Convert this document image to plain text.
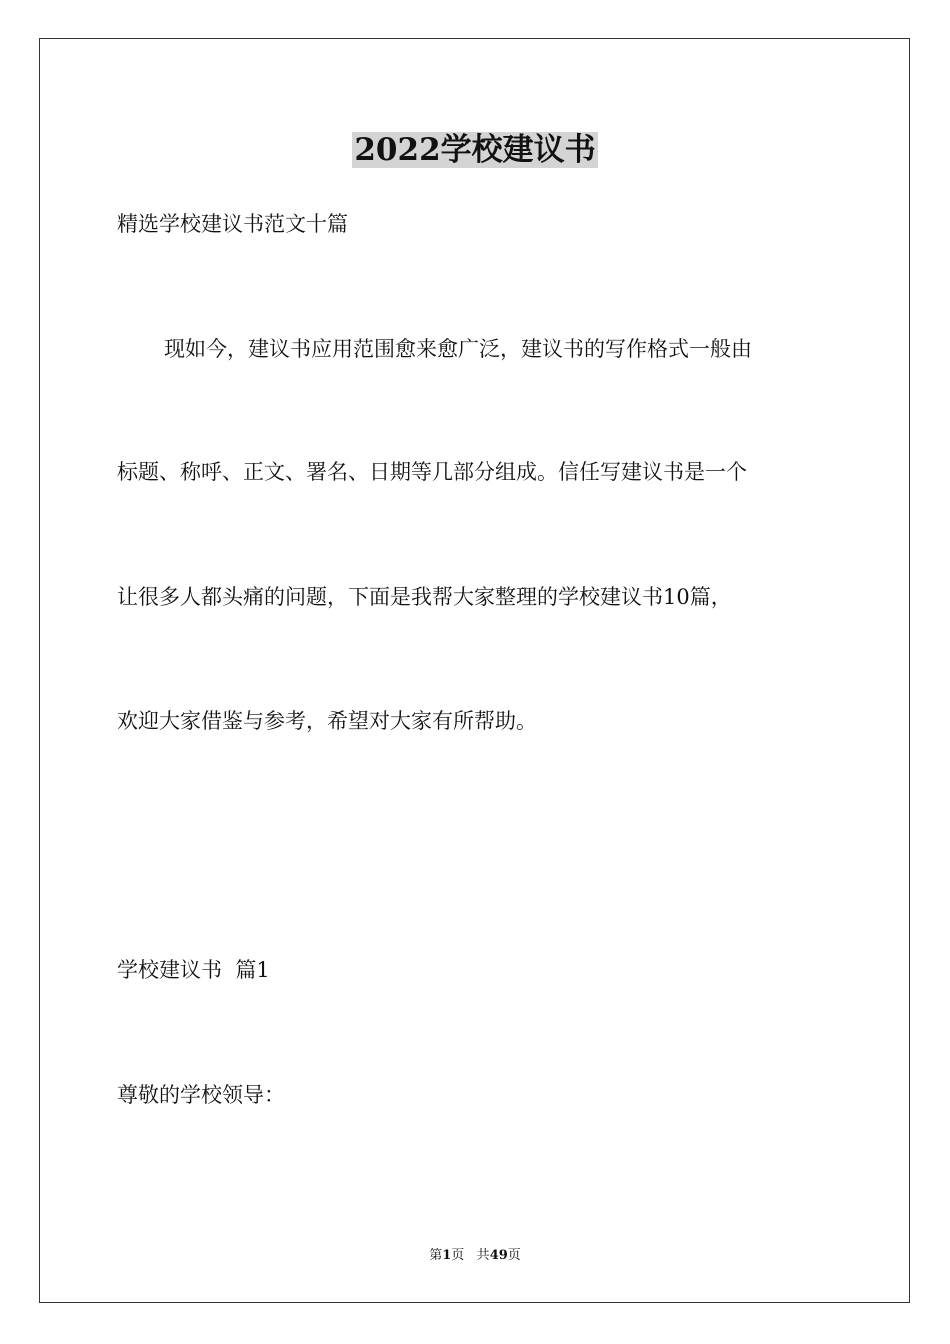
2022学校建议书
精选学校建议书范文十篇
现如今，建议书应用范围愈来愈广泛，建议书的写作格式一般由
标题、称呼、正文、署名、日期等几部分组成。信任写建议书是一个
让很多人都头痛的问题，下面是我帮大家整理的学校建议书10篇，
欢迎大家借鉴与参考，希望对大家有所帮助。
学校建议书  篇1
尊敬的学校领导：
第1页 共49页
